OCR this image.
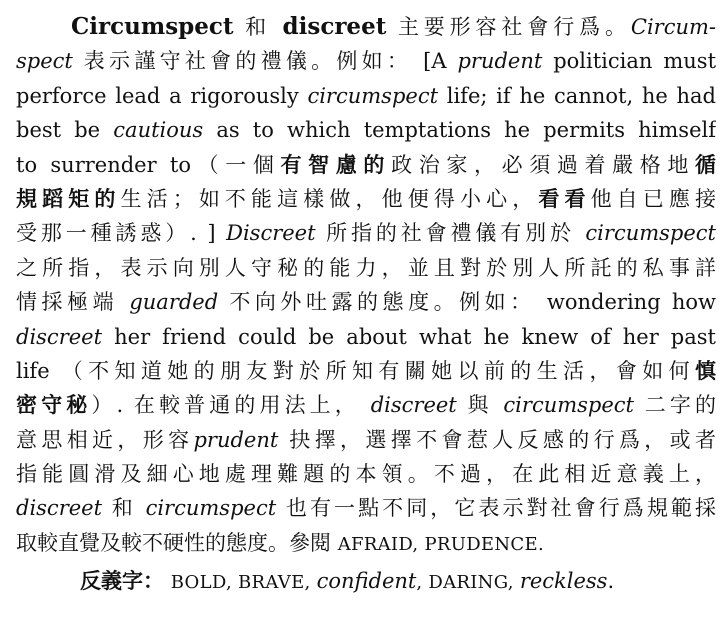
Circumspect 和 discreet 主要形容社會行爲。Circum-
spect 表示謹守社會的禮儀。例如： [A prudent politician must
perforce lead a rigorously circumspect life; if he cannot, he had
best be cautious as to which temptations he permits himself
to surrender to（一個有智慮的政治家，必須過着嚴格地循
規蹈矩的生活；如不能這樣做，他便得小心，看看他自已應接
受那一種誘惑）. ] Discreet 所指的社會禮儀有別於 circumspect
之所指，表示向別人守秘的能力，並且對於別人所託的私事詳
情採極端 guarded 不向外吐露的態度。例如： wondering how
discreet her friend could be about what he knew of her past
life （不知道她的朋友對於所知有關她以前的生活，會如何慎
密守秘）. 在較普通的用法上， discreet 與 circumspect 二字的
意思相近，形容prudent 抉擇，選擇不會惹人反感的行爲，或者
指能圓滑及細心地處理難題的本領。不過，在此相近意義上，
discreet 和 circumspect 也有一點不同，它表示對社會行爲規範採
取較直覺及較不硬性的態度。參閱 AFRAID, PRUDENCE.
反義字： BOLD, BRAVE, confident, DARING, reckless.
